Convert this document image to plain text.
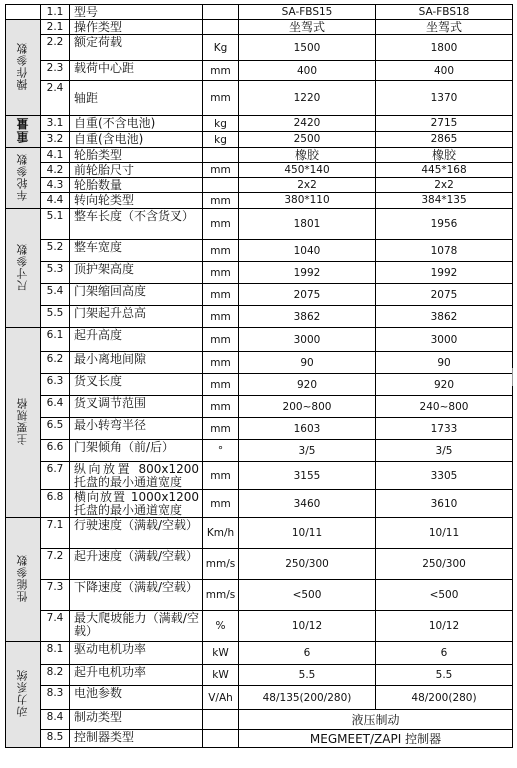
	1.1	型号		SA-FBS15	SA-FBS18
操作参数	2.1	操作类型		坐驾式	坐驾式
	2.2	额定荷载	Kg	1500	1800
	2.3	载荷中心距	mm	400	400
	2.4	轴距	mm	1220	1370
重量	3.1	自重(不含电池)	kg	2420	2715
	3.2	自重(含电池)	kg	2500	2865
车轮参数	4.1	轮胎类型		橡胶	橡胶
	4.2	前轮胎尺寸	mm	450*140	445*168
	4.3	轮胎数量		2x2	2x2
	4.4	转向轮类型	mm	380*110	384*135
尺寸参数	5.1	整车长度（不含货叉）	mm	1801	1956
	5.2	整车宽度	mm	1040	1078
	5.3	顶护架高度	mm	1992	1992
	5.4	门架缩回高度	mm	2075	2075
	5.5	门架起升总高	mm	3862	3862
主要规格	6.1	起升高度	mm	3000	3000
	6.2	最小离地间隙	mm	90	90
	6.3	货叉长度	mm	920	920
	6.4	货叉调节范围	mm	200~800	240~800
	6.5	最小转弯半径	mm	1603	1733
	6.6	门架倾角（前/后）	°	3/5	3/5
	6.7	纵向放置 800x1200 托盘的最小通道宽度	mm	3155	3305
	6.8	横向放置 1000x1200 托盘的最小通道宽度	mm	3460	3610
性能参数	7.1	行驶速度（满载/空载）	Km/h	10/11	10/11
	7.2	起升速度（满载/空载）	mm/s	250/300	250/300
	7.3	下降速度（满载/空载）	mm/s	<500	<500
	7.4	最大爬坡能力（满载/空载）	%	10/12	10/12
动力系统	8.1	驱动电机功率	kW	6	6
	8.2	起升电机功率	kW	5.5	5.5
	8.3	电池参数	V/Ah	48/135(200/280)	48/200(280)
	8.4	制动类型		液压制动	
	8.5	控制器类型		MEGMEET/ZAPI 控制器	
